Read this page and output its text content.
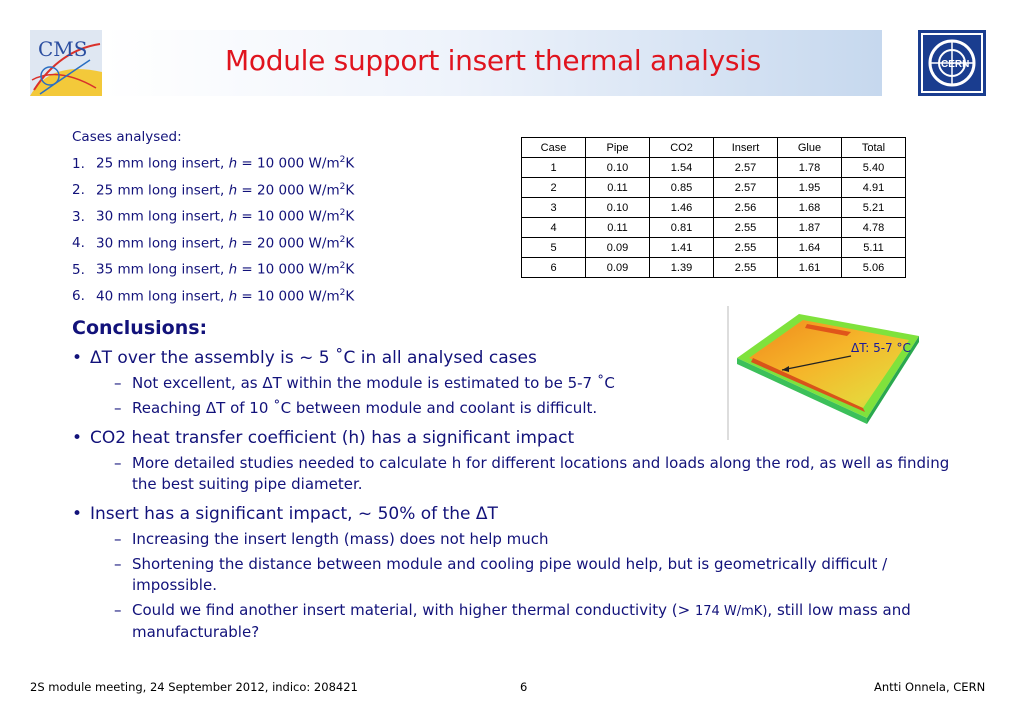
CMS	Module support insert thermal analysis	CERN
Cases analysed:
1. 25 mm long insert, h = 10 000 $W/m^2K$
2. 25 mm long insert, h = 20 000 $W/m^2K$
3. 30 mm long insert, h = 10 000 $W/m^2K$
4. 30 mm long insert, h = 20 000 $W/m^2K$
5. 35 mm long insert, h = 10 000 $W/m^2K$
6. 40 mm long insert, h = 10 000 $W/m^2K$
Case	Pipe	CO2	Insert	Glue	Total
1	0.10	1.54	2.57	1.78	5.40
2	0.11	0.85	2.57	1.95	4.91
3	0.10	1.46	2.56	1.68	5.21
4	0.11	0.81	2.55	1.87	4.78
5	0.09	1.41	2.55	1.64	5.11
6	0.09	1.39	2.55	1.61	5.06
ΔT: 5-7 °C
Conclusions:
• ΔT over the assembly is ~ 5 ˚C in all analysed cases
– Not excellent, as ΔT within the module is estimated to be 5-7 ˚C
– Reaching ΔT of 10 ˚C between module and coolant is difficult.
• CO2 heat transfer coefficient (h) has a significant impact
– More detailed studies needed to calculate h for different locations and loads along the rod, as well as finding the best suiting pipe diameter.
• Insert has a significant impact, ~ 50% of the ΔT
– Increasing the insert length (mass) does not help much
– Shortening the distance between module and cooling pipe would help, but is geometrically difficult / impossible.
– Could we find another insert material, with higher thermal conductivity (> 174 W/mK), still low mass and manufacturable?
2S module meeting, 24 September 2012, indico: 208421	6	Antti Onnela, CERN
